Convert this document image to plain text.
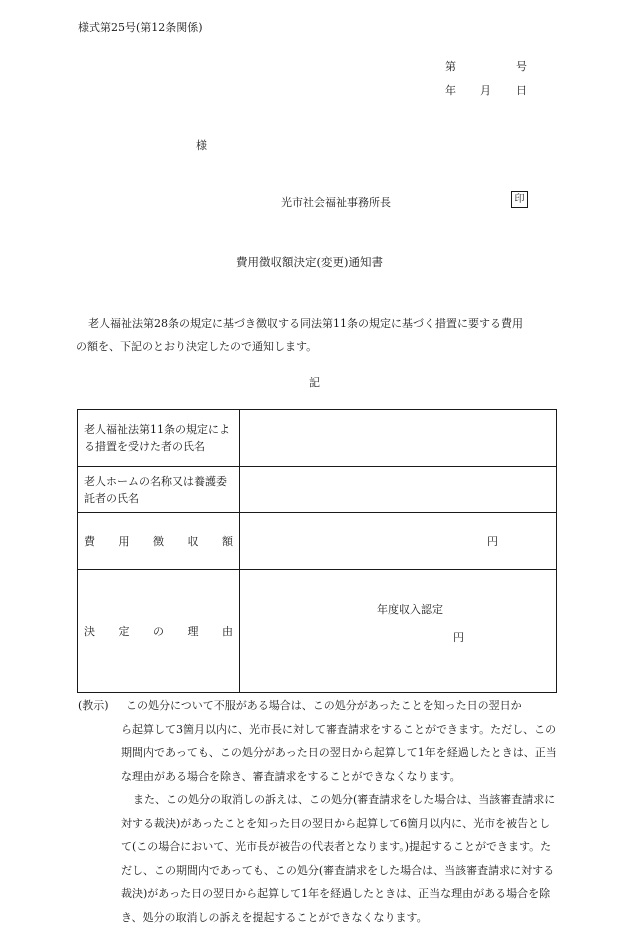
様式第25号(第12条関係)
第	号
年 月 日
様
光市社会福祉事務所長	印
費用徴収額決定(変更)通知書
老人福祉法第28条の規定に基づき徴収する同法第11条の規定に基づく措置に要する費用
の額を、下記のとおり決定したので通知します。
記
老人福祉法第11条の規定による措置を受けた者の氏名	
老人ホームの名称又は養護委託者の氏名	

費 用 徴 収 額	円

決 定 の 理 由	年度収入認定
円
(教示)	この処分について不服がある場合は、この処分があったことを知った日の翌日か
ら起算して3箇月以内に、光市長に対して審査請求をすることができます。ただし、この期間内であっても、この処分があった日の翌日から起算して1年を経過したときは、正当な理由がある場合を除き、審査請求をすることができなくなります。
また、この処分の取消しの訴えは、この処分(審査請求をした場合は、当該審査請求に対する裁決)があったことを知った日の翌日から起算して6箇月以内に、光市を被告として(この場合において、光市長が被告の代表者となります。)提起することができます。ただし、この期間内であっても、この処分(審査請求をした場合は、当該審査請求に対する裁決)があった日の翌日から起算して1年を経過したときは、正当な理由がある場合を除き、処分の取消しの訴えを提起することができなくなります。
